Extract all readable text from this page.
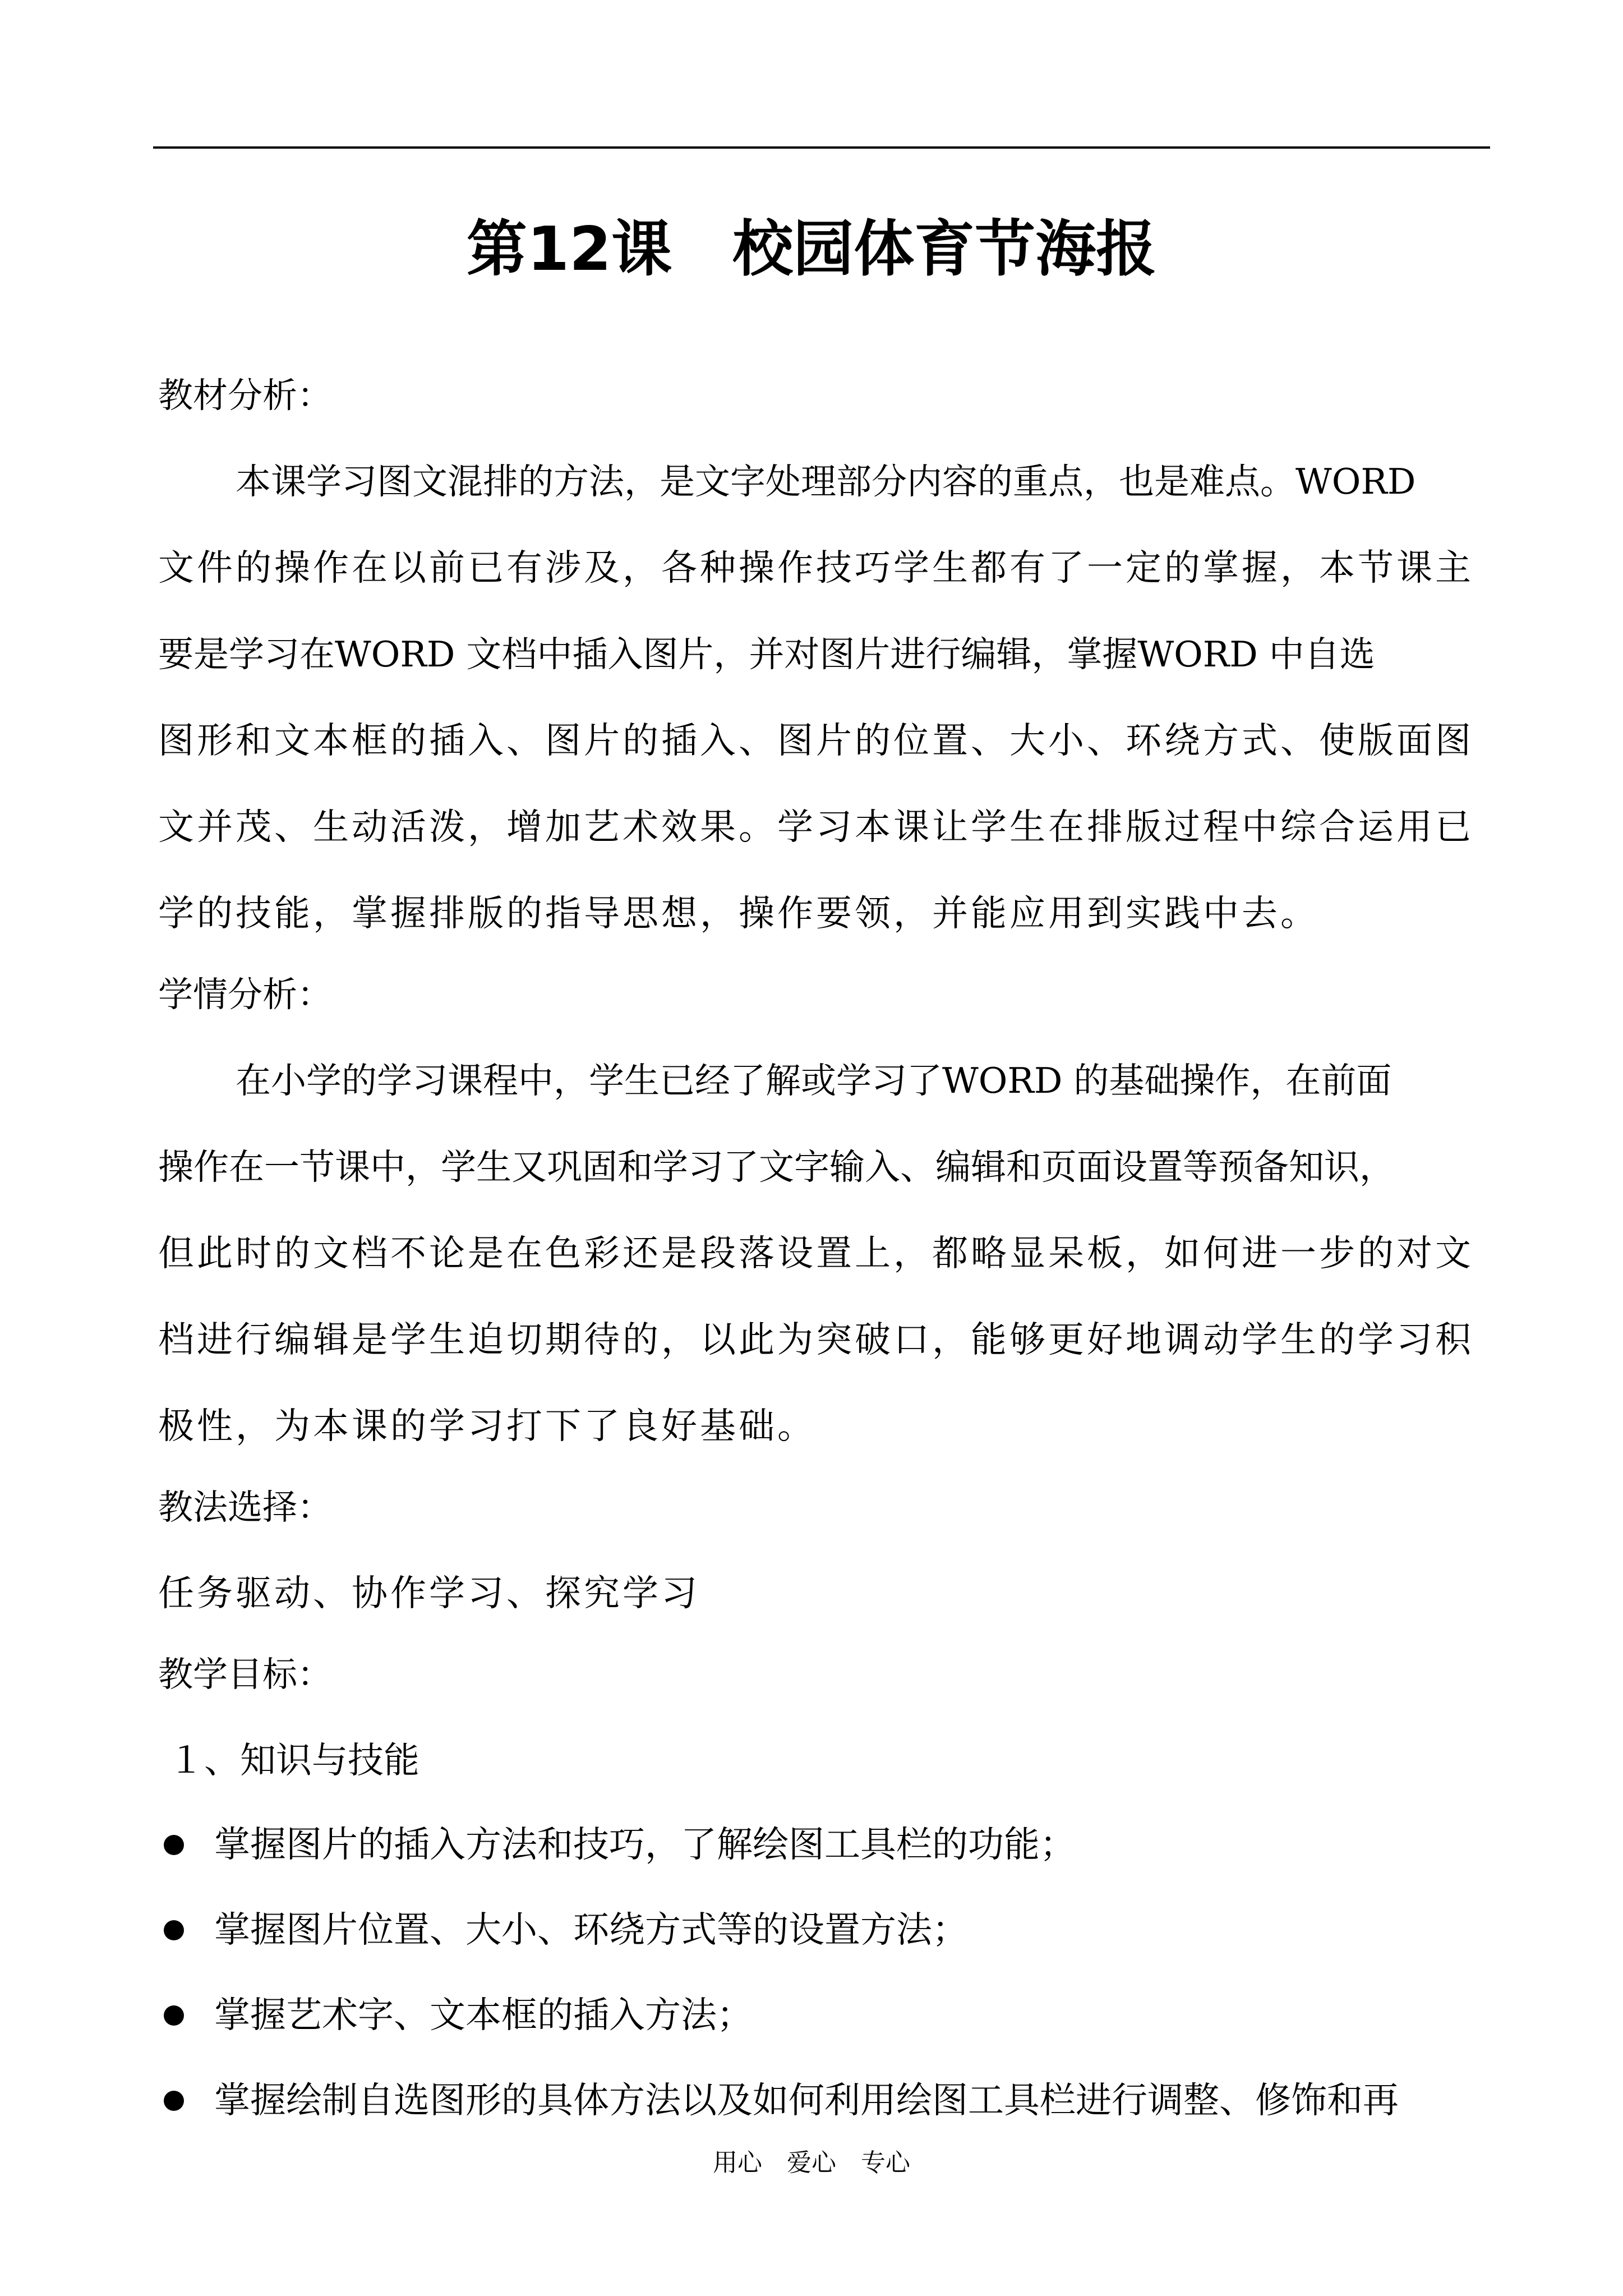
第12课　校园体育节海报
教材分析：
本课学习图文混排的方法，是文字处理部分内容的重点，也是难点。WORD
文件的操作在以前已有涉及，各种操作技巧学生都有了一定的掌握，本节课主
要是学习在WORD 文档中插入图片，并对图片进行编辑，掌握WORD 中自选
图形和文本框的插入、图片的插入、图片的位置、大小、环绕方式、使版面图
文并茂、生动活泼，增加艺术效果。学习本课让学生在排版过程中综合运用已
学的技能，掌握排版的指导思想，操作要领，并能应用到实践中去。
学情分析：
在小学的学习课程中，学生已经了解或学习了WORD 的基础操作，在前面
操作在一节课中，学生又巩固和学习了文字输入、编辑和页面设置等预备知识，
但此时的文档不论是在色彩还是段落设置上，都略显呆板，如何进一步的对文
档进行编辑是学生迫切期待的，以此为突破口，能够更好地调动学生的学习积
极性，为本课的学习打下了良好基础。
教法选择：
任务驱动、协作学习、探究学习
教学目标：
１、知识与技能
掌握图片的插入方法和技巧，了解绘图工具栏的功能；
掌握图片位置、大小、环绕方式等的设置方法；
掌握艺术字、文本框的插入方法；
掌握绘制自选图形的具体方法以及如何利用绘图工具栏进行调整、修饰和再
用心　爱心　专心
